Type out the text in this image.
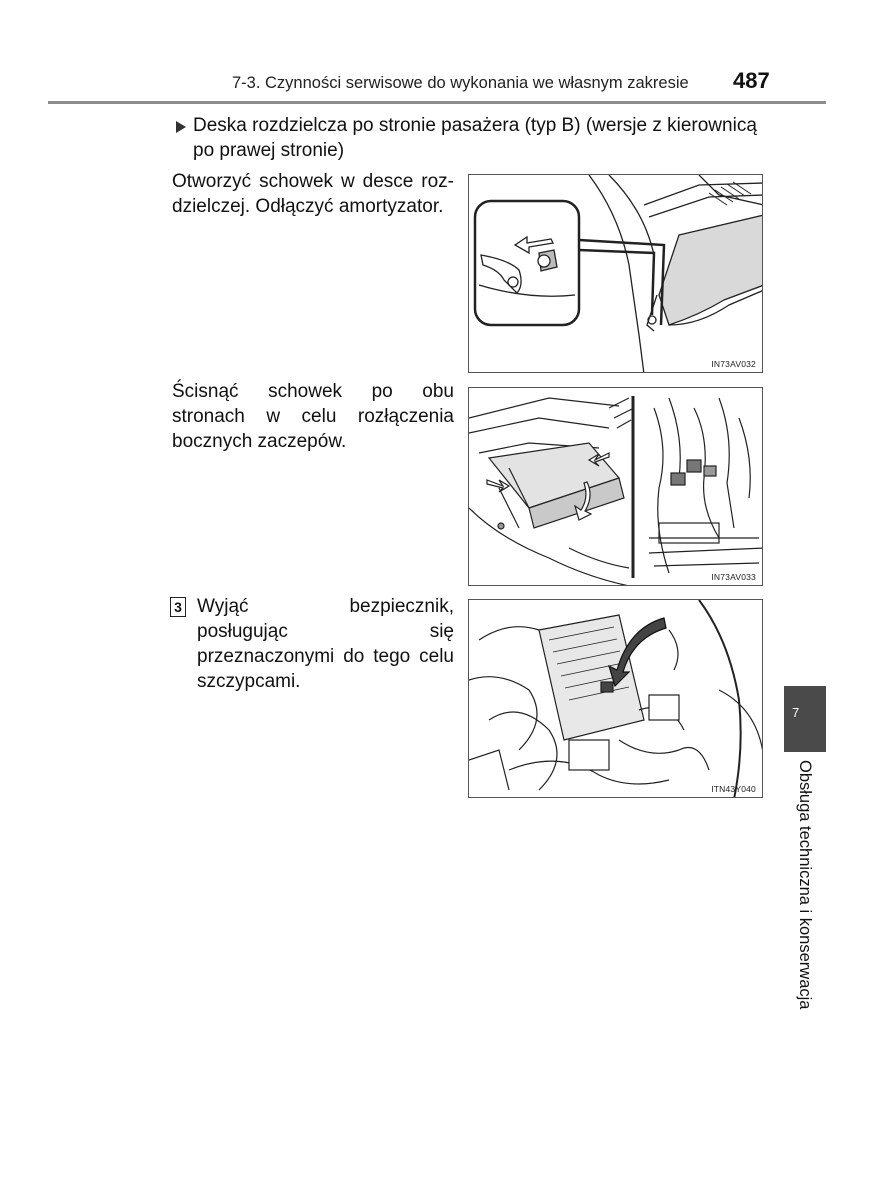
7-3. Czynności serwisowe do wykonania we własnym zakresie 487
Deska rozdzielcza po stronie pasażera (typ B) (wersje z kierownicą po prawej stronie)
Otworzyć schowek w desce rozdzielczej. Odłączyć amortyzator.
IN73AV032
Ścisnąć schowek po obu stronach w celu rozłączenia bocznych zaczepów.
IN73AV033
3 Wyjąć bezpiecznik, posługując się przeznaczonymi do tego celu szczypcami.
ITN43Y040
7
Obsługa techniczna i konserwacja
